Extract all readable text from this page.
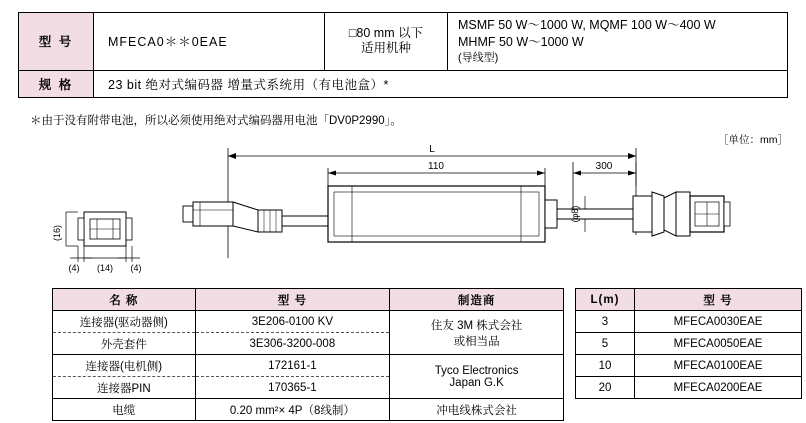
型 号	MFECA0＊＊0EAE	
□80 mm 以下
适用机种

MSMF 50 W～1000 W, MQMF 100 W～400 W
MHMF 50 W～1000 W
(导线型)

规 格	23 bit 绝对式编码器 增量式系统用（有电池盒）*		
＊由于没有附带电池，所以必须使用绝对式编码器用电池「DV0P2990」。
［单位：mm］
L
110	300
(16)
(4) (14) (4)
(φ8)
名 称	型 号	制造商
连接器(驱动器侧)	3E206-0100 KV	住友 3M 株式会社
或相当品

外壳套件	3E306-3200-008	
连接器(电机侧)	172161-1	Tyco Electronics
Japan G.K

连接器PIN	170365-1	
电缆	0.20 mm²× 4P（8线制）	冲电线株式会社
L(m)	型 号
3	MFECA0030EAE
5	MFECA0050EAE
10	MFECA0100EAE
20	MFECA0200EAE
